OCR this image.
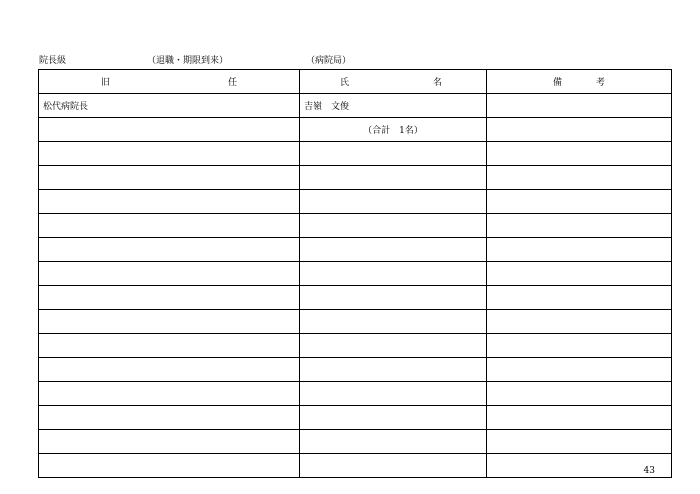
院長級	（退職・期限到来）	（病院局）
旧 任	氏 名	備 考

松代病院長	吉嶺　文俊	
	（合計　1名）	

43
